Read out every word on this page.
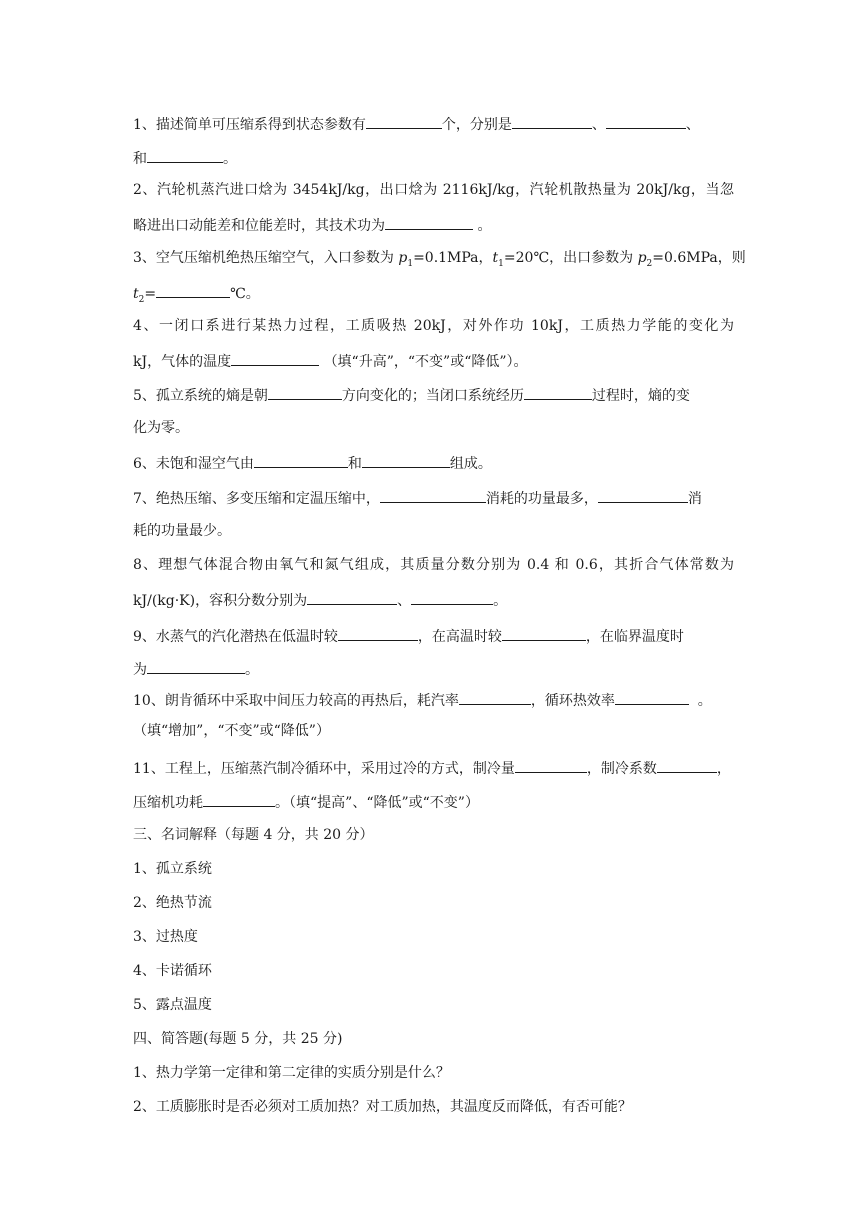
1、描述简单可压缩系得到状态参数有	个，分别是	、	、
和	。
2、汽轮机蒸汽进口焓为 3454kJ/kg，出口焓为 2116kJ/kg，汽轮机散热量为 20kJ/kg，当忽
略进出口动能差和位能差时，其技术功为	。
3、空气压缩机绝热压缩空气，入口参数为 $p_1=0.1MPa$，$t_1=20℃$，出口参数为 $p_2=0.6MPa$，则
$t_2=$	℃。
4、一闭口系进行某热力过程，工质吸热 20kJ，对外作功 10kJ，工质热力学能的变化为
kJ，气体的温度	（填“升高”，“不变”或“降低”）。
5、孤立系统的熵是朝	方向变化的；当闭口系统经历	过程时，熵的变
化为零。
6、未饱和湿空气由	和	组成。
7、绝热压缩、多变压缩和定温压缩中，	消耗的功量最多，	消
耗的功量最少。
8、理想气体混合物由氧气和氮气组成，其质量分数分别为 0.4 和 0.6，其折合气体常数为
kJ/(kg·K)，容积分数分别为	、	。
9、水蒸气的汽化潜热在低温时较	，在高温时较	，在临界温度时
为	。
10、朗肯循环中采取中间压力较高的再热后，耗汽率	，循环热效率	。
（填“增加”，“不变”或“降低”）
11、工程上，压缩蒸汽制冷循环中，采用过冷的方式，制冷量	，制冷系数	，
压缩机功耗	。（填“提高”、“降低”或“不变”）
三、名词解释（每题 4 分，共 20 分）
1、孤立系统
2、绝热节流
3、过热度
4、卡诺循环
5、露点温度
四、简答题(每题 5 分，共 25 分)
1、热力学第一定律和第二定律的实质分别是什么？
2、工质膨胀时是否必须对工质加热？对工质加热，其温度反而降低，有否可能？
